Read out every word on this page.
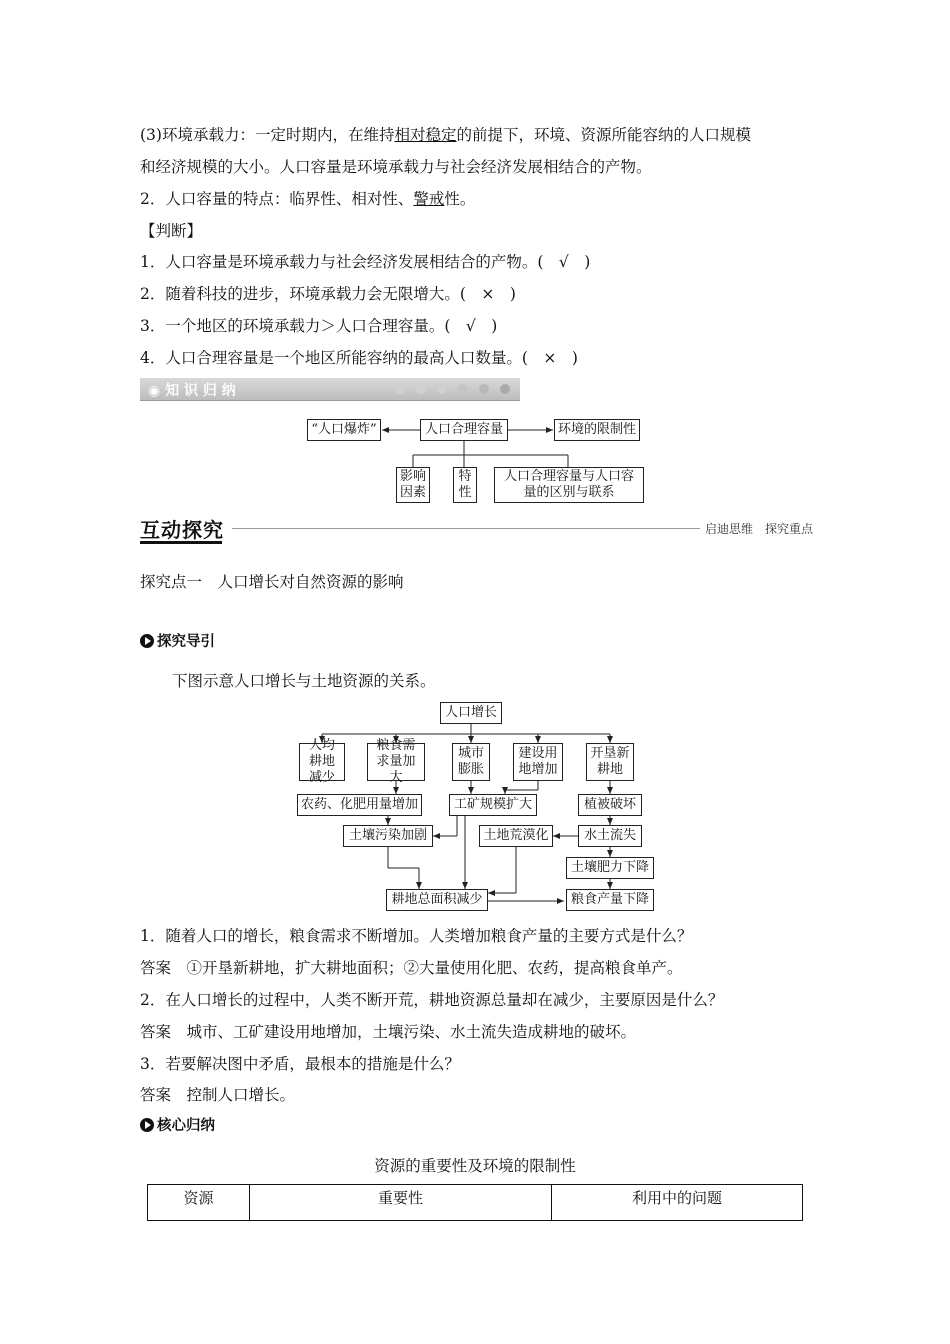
(3)环境承载力：一定时期内，在维持相对稳定的前提下，环境、资源所能容纳的人口规模
和经济规模的大小。人口容量是环境承载力与社会经济发展相结合的产物。
2．人口容量的特点：临界性、相对性、警戒性。
【判断】
1．人口容量是环境承载力与社会经济发展相结合的产物。(　√　)
2．随着科技的进步，环境承载力会无限增大。(　×　)
3．一个地区的环境承载力＞人口合理容量。(　√　)
4．人口合理容量是一个地区所能容纳的最高人口数量。(　×　)
◉ 知 识 归 纳
“人口爆炸”	人口合理容量	环境的限制性
影响因素
特性
人口合理容量与人口容量的区别与联系
互动探究	启迪思维　探究重点
探究点一　人口增长对自然资源的影响
探究导引
下图示意人口增长与土地资源的关系。
人口增长
人均耕地减少
粮食需求量加大
城市膨胀
建设用地增加
开垦新耕地
农药、化肥用量增加	工矿规模扩大	植被破坏
土壤污染加剧	土地荒漠化	水土流失
土壤肥力下降
耕地总面积减少	粮食产量下降
1．随着人口的增长，粮食需求不断增加。人类增加粮食产量的主要方式是什么？
答案　①开垦新耕地，扩大耕地面积；②大量使用化肥、农药，提高粮食单产。
2．在人口增长的过程中，人类不断开荒，耕地资源总量却在减少，主要原因是什么？
答案　城市、工矿建设用地增加，土壤污染、水土流失造成耕地的破坏。
3．若要解决图中矛盾，最根本的措施是什么？
答案　控制人口增长。
核心归纳
资源的重要性及环境的限制性
资源	重要性	利用中的问题
